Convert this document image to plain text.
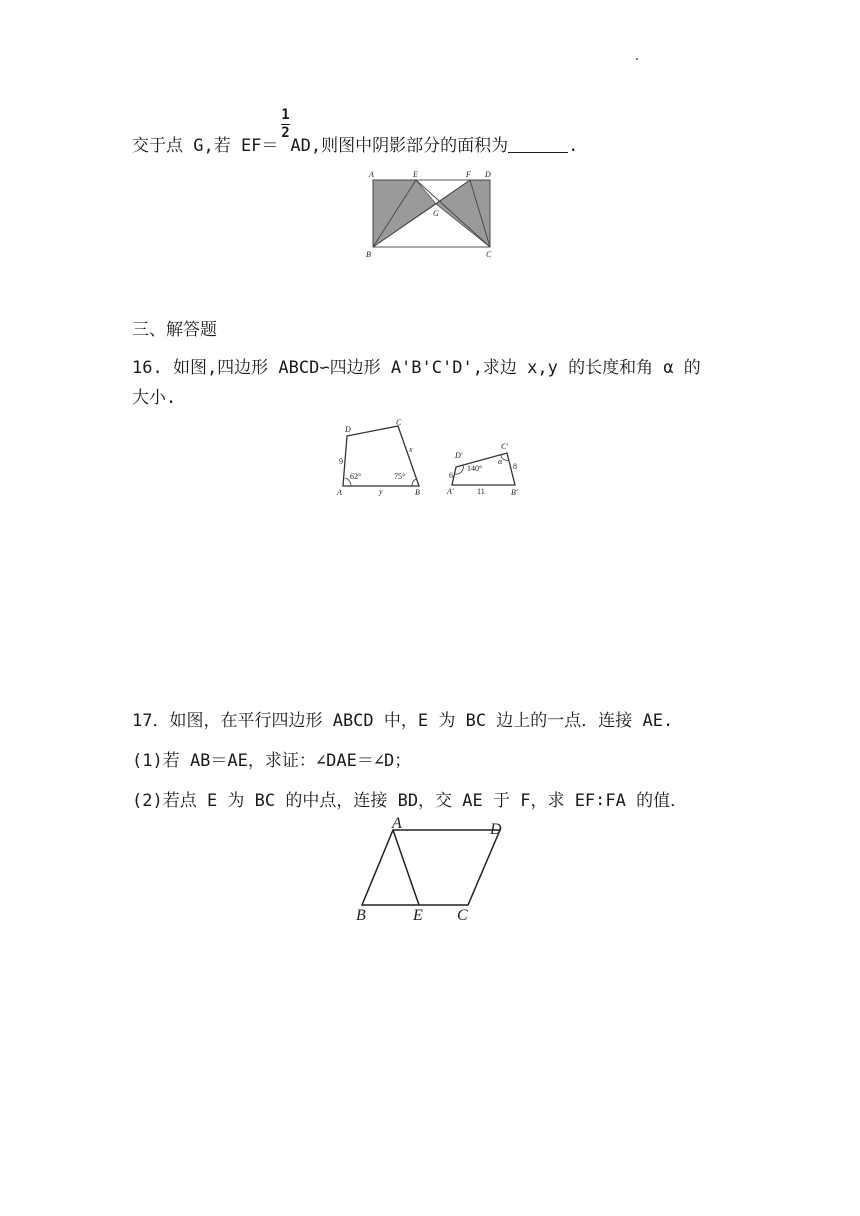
1
2
交于点 G,若 EF＝ AD,则图中阴影部分的面积为	.
A	E	F D
G
B	C
三、解答题
16. 如图,四边形 ABCD∽四边形 A'B'C'D',求边 x,y 的长度和角 α 的
大小.
D
C
A	B
9
x
y
62°	75°
D′
C′
A′	B′
6
8
11
140°
α
17．如图，在平行四边形 ABCD 中，E 为 BC 边上的一点．连接 AE.
(1)若 AB＝AE，求证：∠DAE＝∠D；
(2)若点 E 为 BC 的中点，连接 BD，交 AE 于 F，求 EF∶FA 的值．
A	D
B	E C
